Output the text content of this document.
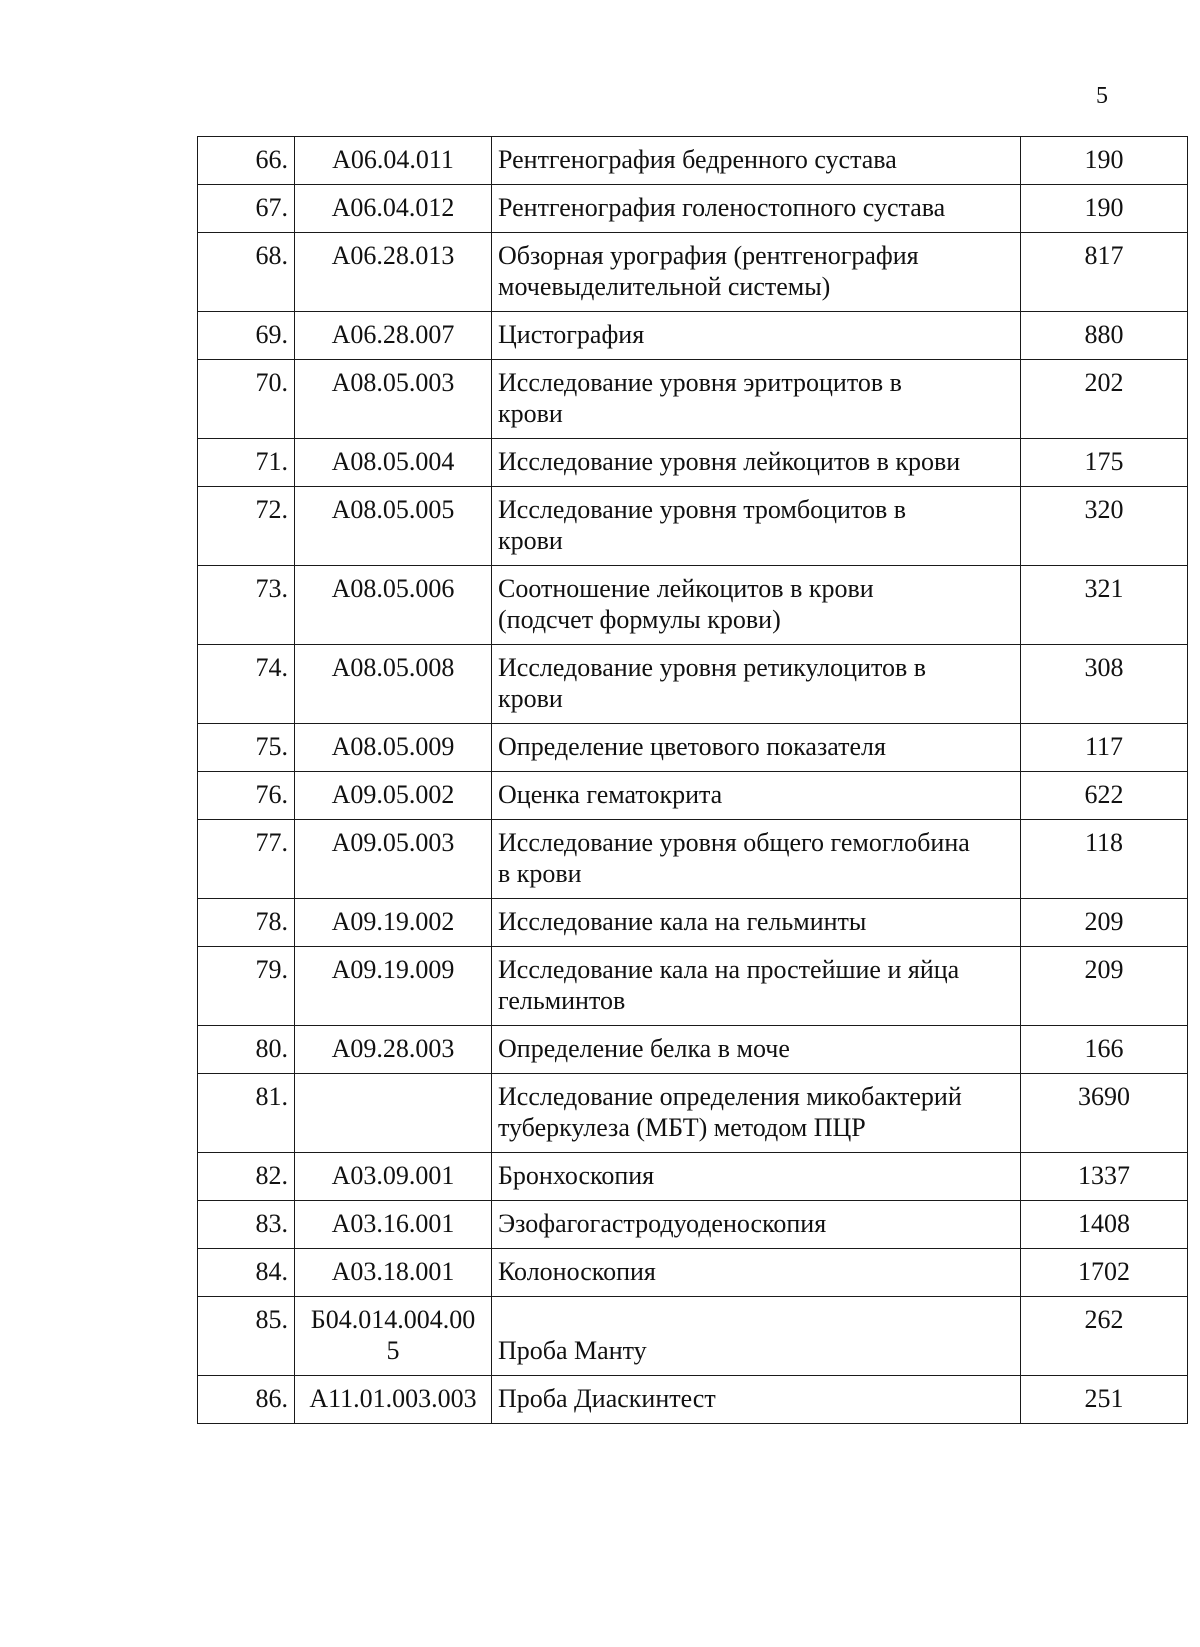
5
66.	А06.04.011	Рентгенография бедренного сустава	190
67.	А06.04.012	Рентгенография голеностопного сустава	190
68.	А06.28.013	Обзорная урография (рентгенография
мочевыделительной системы)	817
69.	А06.28.007	Цистография	880
70.	А08.05.003	Исследование уровня эритроцитов в
крови	202
71.	А08.05.004	Исследование уровня лейкоцитов в крови	175
72.	А08.05.005	Исследование уровня тромбоцитов в
крови	320
73.	А08.05.006	Соотношение лейкоцитов в крови
(подсчет формулы крови)	321
74.	А08.05.008	Исследование уровня ретикулоцитов в
крови	308
75.	А08.05.009	Определение цветового показателя	117
76.	А09.05.002	Оценка гематокрита	622
77.	А09.05.003	Исследование уровня общего гемоглобина
в крови	118
78.	А09.19.002	Исследование кала на гельминты	209
79.	А09.19.009	Исследование кала на простейшие и яйца
гельминтов	209
80.	А09.28.003	Определение белка в моче	166
81.		Исследование определения микобактерий
туберкулеза (МБТ) методом ПЦР	3690
82.	А03.09.001	Бронхоскопия	1337
83.	А03.16.001	Эзофагогастродуоденоскопия	1408
84.	А03.18.001	Колоноскопия	1702
85.	Б04.014.004.00
5	Проба Манту	262
86.	А11.01.003.003	Проба Диаскинтест	251
